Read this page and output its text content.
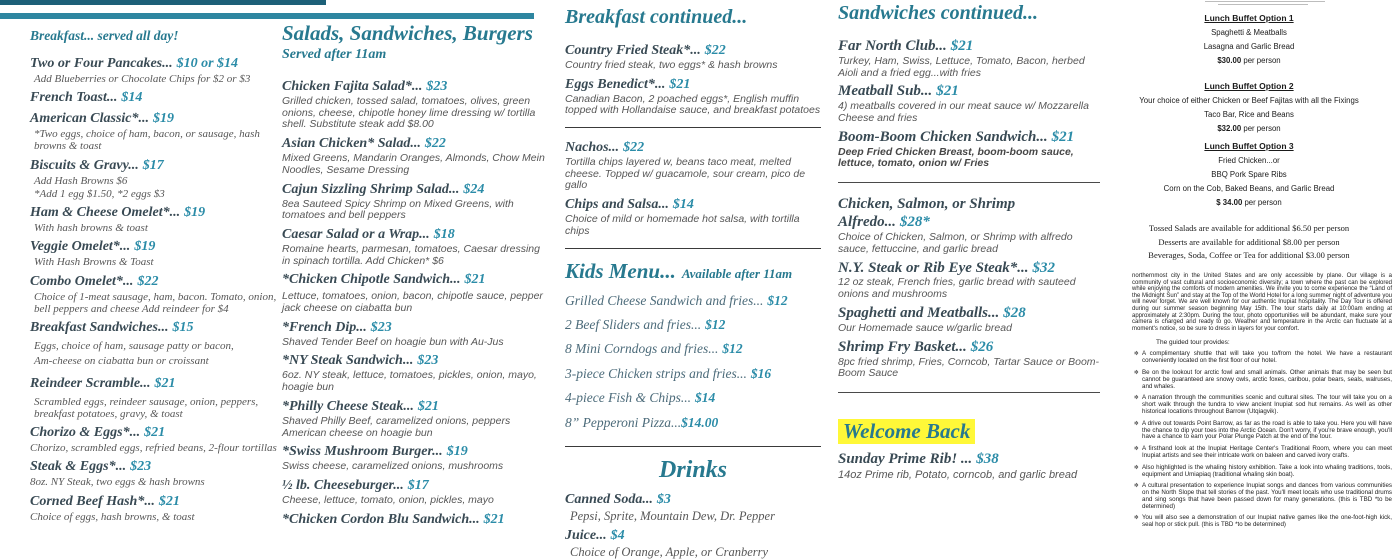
Breakfast... served all day!
Two or Four Pancakes... $10 or $14
Add Blueberries or Chocolate Chips for $2 or $3
French Toast... $14
American Classic*... $19
*Two eggs, choice of ham, bacon, or sausage, hash browns & toast
Biscuits & Gravy... $17
Add Hash Browns $6
*Add 1 egg $1.50, *2 eggs $3
Ham & Cheese Omelet*... $19
With hash browns & toast
Veggie Omelet*... $19
With Hash Browns & Toast
Combo Omelet*... $22
Choice of 1-meat sausage, ham, bacon. Tomato, onion, bell peppers and cheese Add reindeer for $4
Breakfast Sandwiches... $15
Eggs, choice of ham, sausage patty or bacon,
Am-cheese on ciabatta bun or croissant
Reindeer Scramble... $21
Scrambled eggs, reindeer sausage, onion, peppers, breakfast potatoes, gravy, & toast
Chorizo & Eggs*... $21
Chorizo, scrambled eggs, refried beans, 2-flour tortillas
Steak & Eggs*... $23
8oz. NY Steak, two eggs & hash browns
Corned Beef Hash*... $21
Choice of eggs, hash browns, & toast
Salads, Sandwiches, Burgers
Served after 11am
Chicken Fajita Salad*... $23
Grilled chicken, tossed salad, tomatoes, olives, green onions, cheese, chipotle honey lime dressing w/ tortilla shell. Substitute steak add $8.00
Asian Chicken* Salad... $22
Mixed Greens, Mandarin Oranges, Almonds, Chow Mein Noodles, Sesame Dressing
Cajun Sizzling Shrimp Salad... $24
8ea Sauteed Spicy Shrimp on Mixed Greens, with tomatoes and bell peppers
Caesar Salad or a Wrap... $18
Romaine hearts, parmesan, tomatoes, Caesar dressing in spinach tortilla. Add Chicken* $6
*Chicken Chipotle Sandwich... $21
Lettuce, tomatoes, onion, bacon, chipotle sauce, pepper jack cheese on ciabatta bun
*French Dip... $23
Shaved Tender Beef on hoagie bun with Au-Jus
*NY Steak Sandwich... $23
6oz. NY steak, lettuce, tomatoes, pickles, onion, mayo, hoagie bun
*Philly Cheese Steak... $21
Shaved Philly Beef, caramelized onions, peppers American cheese on hoagie bun
*Swiss Mushroom Burger... $19
Swiss cheese, caramelized onions, mushrooms
½ lb. Cheeseburger... $17
Cheese, lettuce, tomato, onion, pickles, mayo
*Chicken Cordon Blu Sandwich... $21
Breakfast continued...
Country Fried Steak*... $22
Country fried steak, two eggs* & hash browns
Eggs Benedict*... $21
Canadian Bacon, 2 poached eggs*, English muffin topped with Hollandaise sauce, and breakfast potatoes
Nachos... $22
Tortilla chips layered w, beans taco meat, melted cheese. Topped w/ guacamole, sour cream, pico de gallo
Chips and Salsa... $14
Choice of mild or homemade hot salsa, with tortilla chips
Kids Menu... Available after 11am
Grilled Cheese Sandwich and fries... $12
2 Beef Sliders and fries... $12
8 Mini Corndogs and fries... $12
3-piece Chicken strips and fries... $16
4-piece Fish & Chips... $14
8” Pepperoni Pizza...$14.00
Drinks
Canned Soda... $3
Pepsi, Sprite, Mountain Dew, Dr. Pepper
Juice... $4
Choice of Orange, Apple, or Cranberry
Sandwiches continued...
Far North Club... $21
Turkey, Ham, Swiss, Lettuce, Tomato, Bacon, herbed Aioli and a fried egg...with fries
Meatball Sub... $21
4) meatballs covered in our meat sauce w/ Mozzarella Cheese and fries
Boom-Boom Chicken Sandwich... $21
Deep Fried Chicken Breast, boom-boom sauce, lettuce, tomato, onion w/ Fries
Chicken, Salmon, or Shrimp Alfredo... $28*
Choice of Chicken, Salmon, or Shrimp with alfredo sauce, fettuccine, and garlic bread
N.Y. Steak or Rib Eye Steak*... $32
12 oz steak, French fries, garlic bread with sauteed onions and mushrooms
Spaghetti and Meatballs... $28
Our Homemade sauce w/garlic bread
Shrimp Fry Basket... $26
8pc fried shrimp, Fries, Corncob, Tartar Sauce or Boom-Boom Sauce
Welcome Back
Sunday Prime Rib! ... $38
14oz Prime rib, Potato, corncob, and garlic bread
Lunch Buffet Option 1
Spaghetti & Meatballs
Lasagna and Garlic Bread
$30.00 per person
Lunch Buffet Option 2
Your choice of either Chicken or Beef Fajitas with all the Fixings
Taco Bar, Rice and Beans
$32.00 per person
Lunch Buffet Option 3
Fried Chicken...or
BBQ Pork Spare Ribs
Corn on the Cob, Baked Beans, and Garlic Bread
$ 34.00 per person
Tossed Salads are available for additional $6.50 per person
Desserts are available for additional $8.00 per person
Beverages, Soda, Coffee or Tea for additional $3.00 person
northernmost city in the United States and are only accessible by plane. Our village is a community of vast cultural and socioeconomic diversity; a town where the past can be explored while enjoying the comforts of modern amenities. We invite you to come experience the “Land of the Midnight Sun” and stay at the Top of the World Hotel for a long summer night of adventure you will never forget. We are well known for our authentic Inupiat hospitality. The Day Tour is offered during our summer season beginning May 15th. The tour starts daily at 10:00am ending at approximately at 2:30pm. During the tour, photo opportunities will be abundant, make sure your camera is charged and ready to go. Weather and temperature in the Arctic can fluctuate at a moment's notice, so be sure to dress in layers for your comfort.
The guided tour provides:
✼ A complimentary shuttle that will take you to/from the hotel. We have a restaurant conveniently located on the first floor of our hotel.
✼ Be on the lookout for arctic fowl and small animals. Other animals that may be seen but cannot be guaranteed are snowy owls, arctic foxes, caribou, polar bears, seals, walruses, and whales.
✼ A narration through the communities scenic and cultural sites. The tour will take you on a short walk through the tundra to view ancient Inupiat sod hut remains. As well as other historical locations throughout Barrow (Utqiagvik).
✼ A drive out towards Point Barrow, as far as the road is able to take you. Here you will have the chance to dip your toes into the Arctic Ocean. Don't worry, if you're brave enough, you'll have a chance to earn your Polar Plunge Patch at the end of the tour.
✼ A firsthand look at the Inupiat Heritage Center's Traditional Room, where you can meet Inupiat artists and see their intricate work on baleen and carved ivory crafts.
✼ Also highlighted is the whaling history exhibition. Take a look into whaling traditions, tools, equipment and Umiapiaq (traditional whaling skin boat).
✼ A cultural presentation to experience Inupiat songs and dances from various communities on the North Slope that tell stories of the past. You'll meet locals who use traditional drums and sing songs that have been passed down for many generations. (this is TBD *to be determined)
✼ You will also see a demonstration of our Inupiat native games like the one-foot-high kick, seal hop or stick pull. (this is TBD *to be determined)
